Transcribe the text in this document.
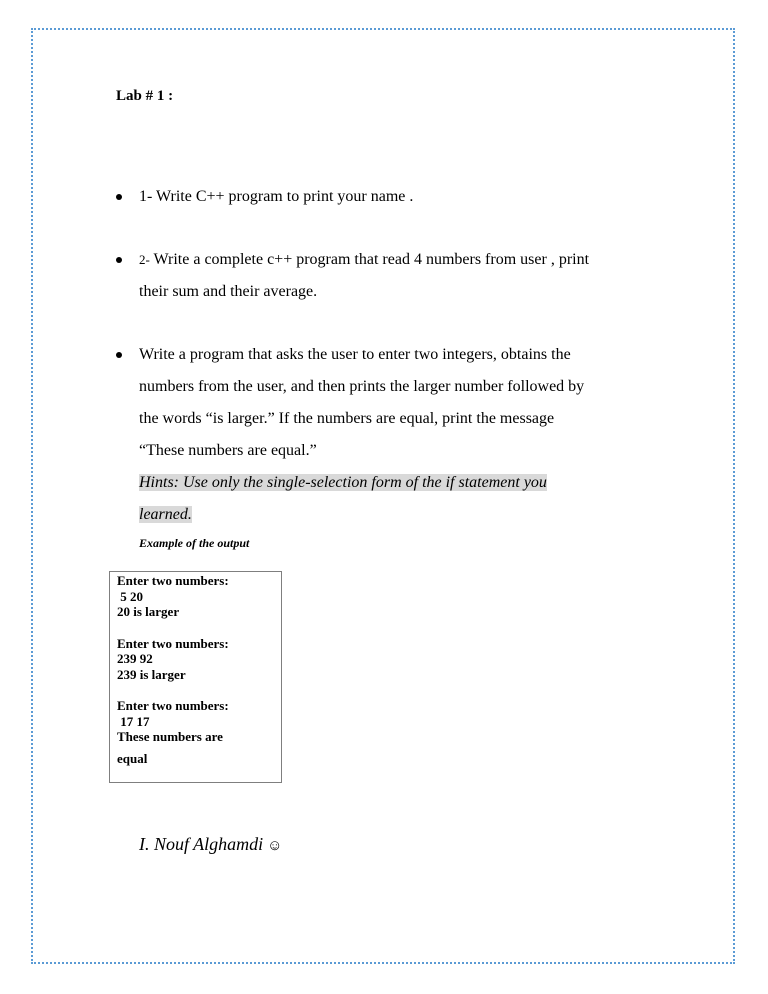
Lab # 1 :
1- Write C++ program to print your name .
2- Write a complete c++ program that read 4 numbers from user , print
their sum and their average.
Write a program that asks the user to enter two integers, obtains the
numbers from the user, and then prints the larger number followed by
the words “is larger.” If the numbers are equal, print the message
“These numbers are equal.”
Hints: Use only the single-selection form of the if statement you
learned.
Example of the output
Enter two numbers:
5 20
20 is larger
Enter two numbers:
239 92
239 is larger
Enter two numbers:
17 17
These numbers are
equal
I. Nouf Alghamdi ☺
